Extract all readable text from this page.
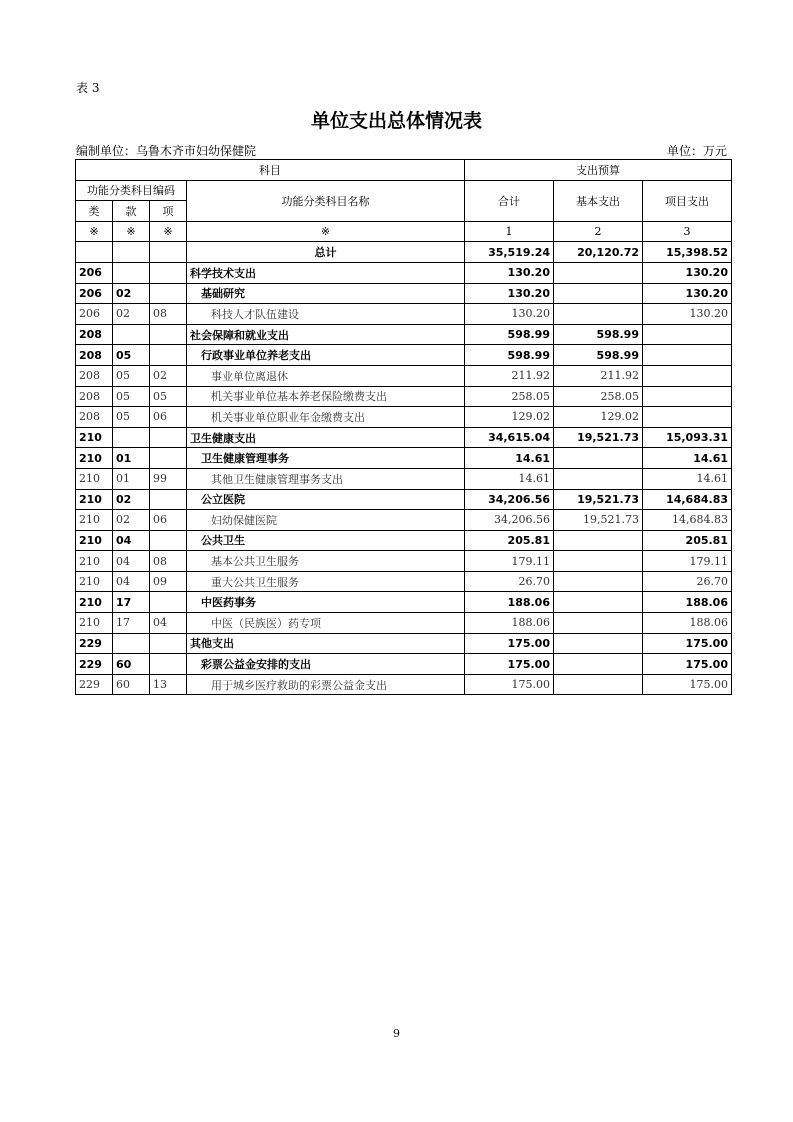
表 3
单位支出总体情况表
编制单位：乌鲁木齐市妇幼保健院	单位：万元
科目				支出预算		
功能分类科目编码			功能分类科目名称	合计	基本支出	项目支出
类	款	项				
※	※	※	※	1	2	3
			总计	35,519.24	20,120.72	15,398.52
206			科学技术支出	130.20		130.20
206	02		基础研究	130.20		130.20
206	02	08	科技人才队伍建设	130.20		130.20
208			社会保障和就业支出	598.99	598.99	
208	05		行政事业单位养老支出	598.99	598.99	
208	05	02	事业单位离退休	211.92	211.92	
208	05	05	机关事业单位基本养老保险缴费支出	258.05	258.05	
208	05	06	机关事业单位职业年金缴费支出	129.02	129.02	
210			卫生健康支出	34,615.04	19,521.73	15,093.31
210	01		卫生健康管理事务	14.61		14.61
210	01	99	其他卫生健康管理事务支出	14.61		14.61
210	02		公立医院	34,206.56	19,521.73	14,684.83
210	02	06	妇幼保健医院	34,206.56	19,521.73	14,684.83
210	04		公共卫生	205.81		205.81
210	04	08	基本公共卫生服务	179.11		179.11
210	04	09	重大公共卫生服务	26.70		26.70
210	17		中医药事务	188.06		188.06
210	17	04	中医（民族医）药专项	188.06		188.06
229			其他支出	175.00		175.00
229	60		彩票公益金安排的支出	175.00		175.00
229	60	13	用于城乡医疗救助的彩票公益金支出	175.00		175.00
9
